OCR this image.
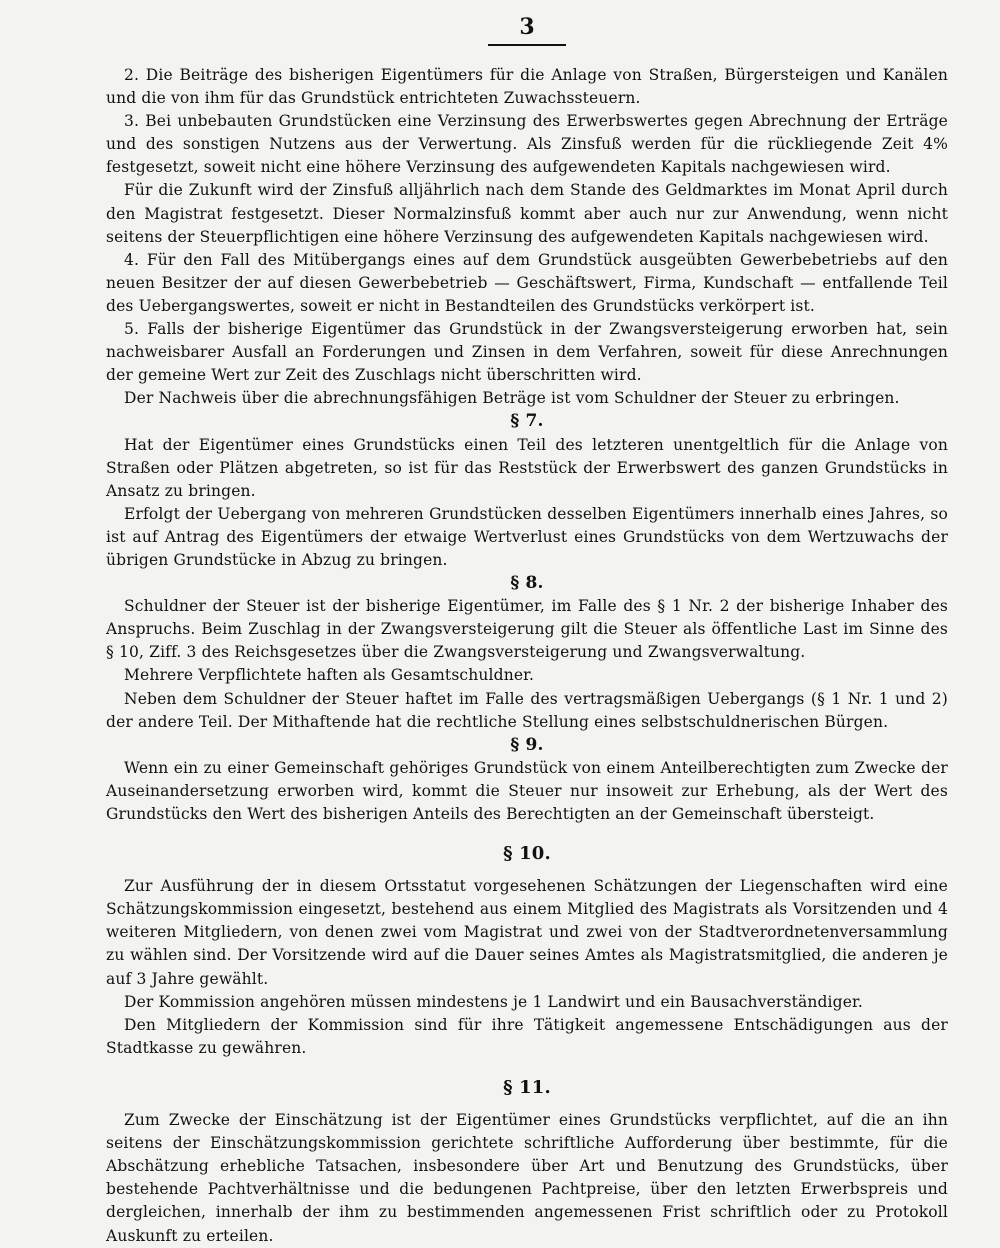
3

2. Die Beiträge des bisherigen Eigentümers für die Anlage von Straßen, Bürgersteigen und Kanälen und die von ihm für das Grundstück entrichteten Zuwachssteuern.

3. Bei unbebauten Grundstücken eine Verzinsung des Erwerbswertes gegen Abrechnung der Erträge und des sonstigen Nutzens aus der Verwertung. Als Zinsfuß werden für die rückliegende Zeit 4% festgesetzt, soweit nicht eine höhere Verzinsung des aufgewendeten Kapitals nachgewiesen wird.

Für die Zukunft wird der Zinsfuß alljährlich nach dem Stande des Geldmarktes im Monat April durch den Magistrat festgesetzt. Dieser Normalzinsfuß kommt aber auch nur zur Anwendung, wenn nicht seitens der Steuerpflichtigen eine höhere Verzinsung des aufgewendeten Kapitals nachgewiesen wird.

4. Für den Fall des Mitübergangs eines auf dem Grundstück ausgeübten Gewerbebetriebs auf den neuen Besitzer der auf diesen Gewerbebetrieb — Geschäftswert, Firma, Kundschaft — entfallende Teil des Uebergangswertes, soweit er nicht in Bestandteilen des Grundstücks verkörpert ist.

5. Falls der bisherige Eigentümer das Grundstück in der Zwangsversteigerung erworben hat, sein nachweisbarer Ausfall an Forderungen und Zinsen in dem Verfahren, soweit für diese Anrechnungen der gemeine Wert zur Zeit des Zuschlags nicht überschritten wird.

Der Nachweis über die abrechnungsfähigen Beträge ist vom Schuldner der Steuer zu erbringen.

§ 7.

Hat der Eigentümer eines Grundstücks einen Teil des letzteren unentgeltlich für die Anlage von Straßen oder Plätzen abgetreten, so ist für das Reststück der Erwerbswert des ganzen Grundstücks in Ansatz zu bringen.

Erfolgt der Uebergang von mehreren Grundstücken desselben Eigentümers innerhalb eines Jahres, so ist auf Antrag des Eigentümers der etwaige Wertverlust eines Grundstücks von dem Wertzuwachs der übrigen Grundstücke in Abzug zu bringen.

§ 8.

Schuldner der Steuer ist der bisherige Eigentümer, im Falle des § 1 Nr. 2 der bisherige Inhaber des Anspruchs. Beim Zuschlag in der Zwangsversteigerung gilt die Steuer als öffentliche Last im Sinne des § 10, Ziff. 3 des Reichsgesetzes über die Zwangsversteigerung und Zwangsverwaltung.

Mehrere Verpflichtete haften als Gesamtschuldner.

Neben dem Schuldner der Steuer haftet im Falle des vertragsmäßigen Uebergangs (§ 1 Nr. 1 und 2) der andere Teil. Der Mithaftende hat die rechtliche Stellung eines selbstschuldnerischen Bürgen.

§ 9.

Wenn ein zu einer Gemeinschaft gehöriges Grundstück von einem Anteilberechtigten zum Zwecke der Auseinandersetzung erworben wird, kommt die Steuer nur insoweit zur Erhebung, als der Wert des Grundstücks den Wert des bisherigen Anteils des Berechtigten an der Gemeinschaft übersteigt.

§ 10.

Zur Ausführung der in diesem Ortsstatut vorgesehenen Schätzungen der Liegenschaften wird eine Schätzungskommission eingesetzt, bestehend aus einem Mitglied des Magistrats als Vorsitzenden und 4 weiteren Mitgliedern, von denen zwei vom Magistrat und zwei von der Stadtverordnetenversammlung zu wählen sind. Der Vorsitzende wird auf die Dauer seines Amtes als Magistratsmitglied, die anderen je auf 3 Jahre gewählt.

Der Kommission angehören müssen mindestens je 1 Landwirt und ein Bausachverständiger.

Den Mitgliedern der Kommission sind für ihre Tätigkeit angemessene Entschädigungen aus der Stadtkasse zu gewähren.

§ 11.

Zum Zwecke der Einschätzung ist der Eigentümer eines Grundstücks verpflichtet, auf die an ihn seitens der Einschätzungskommission gerichtete schriftliche Aufforderung über bestimmte, für die Abschätzung erhebliche Tatsachen, insbesondere über Art und Benutzung des Grundstücks, über bestehende Pachtverhältnisse und die bedungenen Pachtpreise, über den letzten Erwerbspreis und dergleichen, innerhalb der ihm zu bestimmenden angemessenen Frist schriftlich oder zu Protokoll Auskunft zu erteilen.
